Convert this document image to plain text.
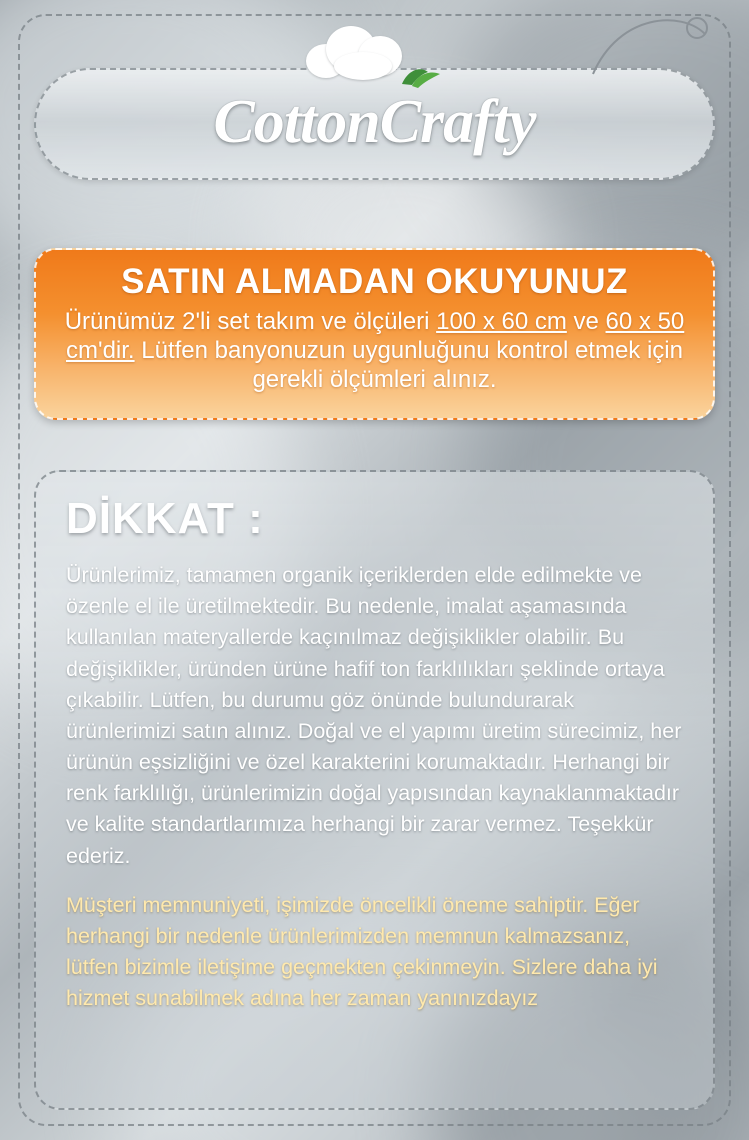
CottonCrafty
SATIN ALMADAN OKUYUNUZ
Ürünümüz 2'li set takım ve ölçüleri 100 x 60 cm ve 60 x 50 cm'dir. Lütfen banyonuzun uygunluğunu kontrol etmek için gerekli ölçümleri alınız.
DİKKAT :

Ürünlerimiz, tamamen organik içeriklerden elde edilmekte ve özenle el ile üretilmektedir. Bu nedenle, imalat aşamasında kullanılan materyallerde kaçınılmaz değişiklikler olabilir. Bu değişiklikler, üründen ürüne hafif ton farklılıkları şeklinde ortaya çıkabilir. Lütfen, bu durumu göz önünde bulundurarak ürünlerimizi satın alınız. Doğal ve el yapımı üretim sürecimiz, her ürünün eşsizliğini ve özel karakterini korumaktadır. Herhangi bir renk farklılığı, ürünlerimizin doğal yapısından kaynaklanmaktadır ve kalite standartlarımıza herhangi bir zarar vermez. Teşekkür ederiz.

Müşteri memnuniyeti, işimizde öncelikli öneme sahiptir. Eğer herhangi bir nedenle ürünlerimizden memnun kalmazsanız, lütfen bizimle iletişime geçmekten çekinmeyin. Sizlere daha iyi hizmet sunabilmek adına her zaman yanınızdayız
